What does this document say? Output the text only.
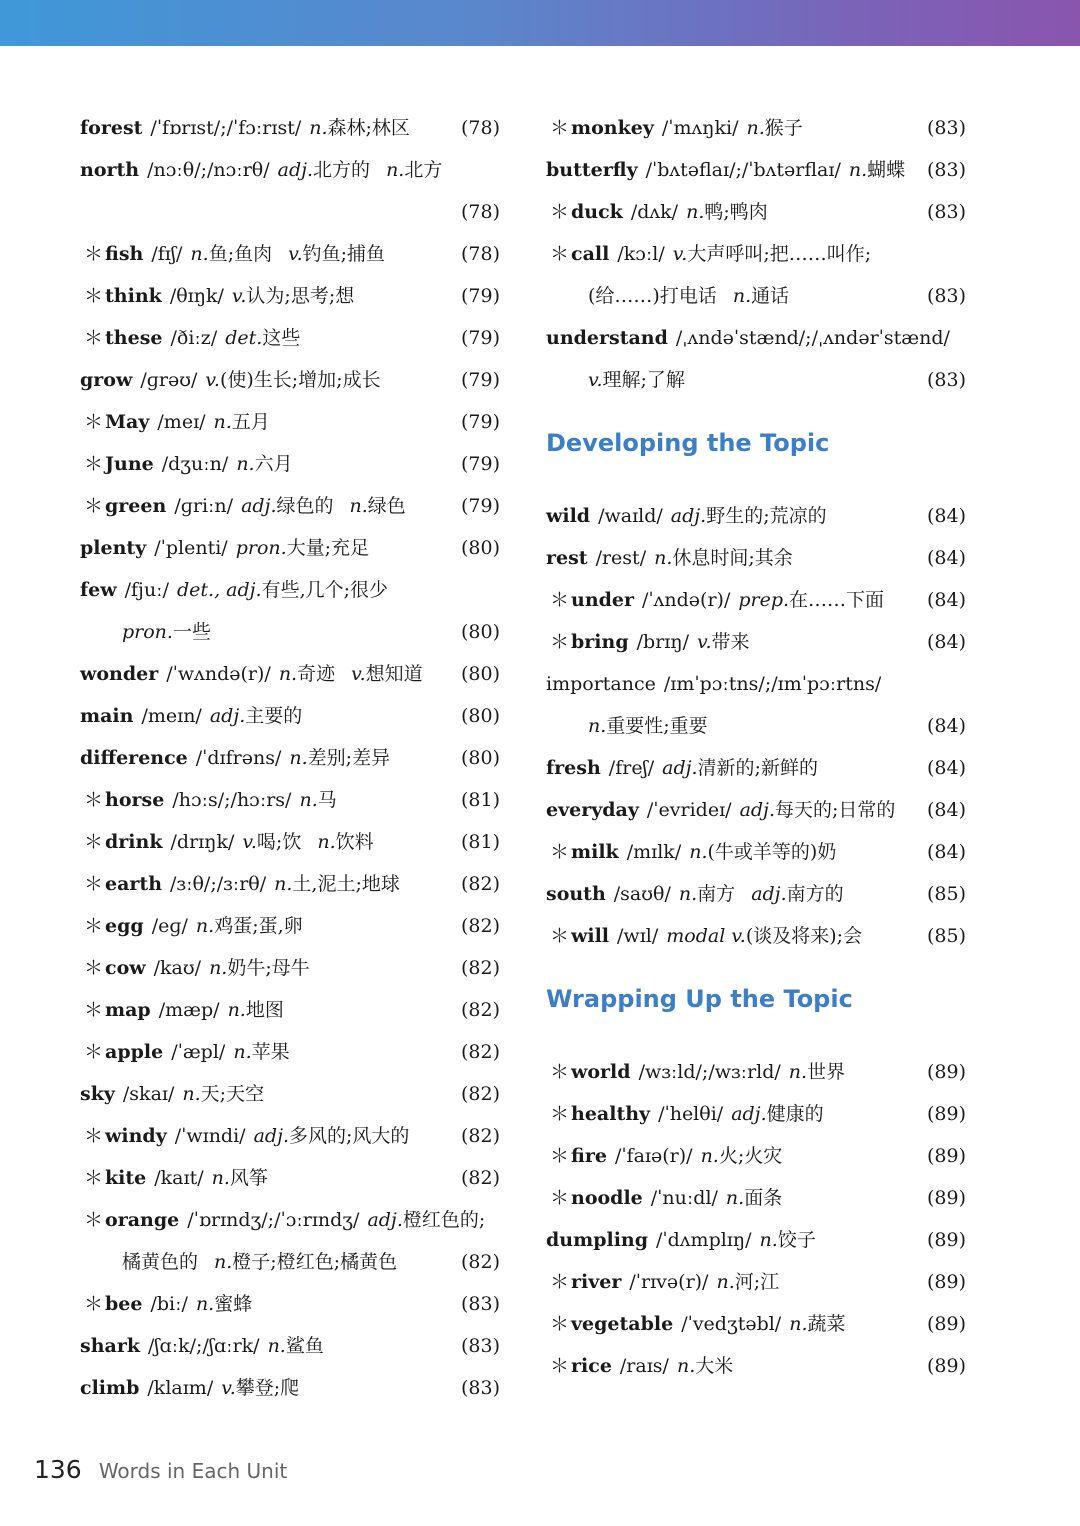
forest /ˈfɒrɪst/;/ˈfɔːrɪst/ n.森林;林区	(78)
north /nɔːθ/;/nɔːrθ/ adj.北方的 n.北方
(78)
＊ fish /fɪʃ/ n.鱼;鱼肉 v.钓鱼;捕鱼	(78)
＊ think /θɪŋk/ v.认为;思考;想	(79)
＊ these /ðiːz/ det.这些	(79)
grow /ɡrəʊ/ v.(使)生长;增加;成长	(79)
＊ May /meɪ/ n.五月	(79)
＊ June /dʒuːn/ n.六月	(79)
＊ green /ɡriːn/ adj.绿色的 n.绿色	(79)
plenty /ˈplenti/ pron.大量;充足	(80)
few /fjuː/ det., adj.有些,几个;很少
pron.一些	(80)
wonder /ˈwʌndə(r)/ n.奇迹 v.想知道 (80)
main /meɪn/ adj.主要的	(80)
difference /ˈdɪfrəns/ n.差别;差异	(80)
＊ horse /hɔːs/;/hɔːrs/ n.马	(81)
＊ drink /drɪŋk/ v.喝;饮 n.饮料	(81)
＊ earth /ɜːθ/;/ɜːrθ/ n.土,泥土;地球	(82)
＊ egg /eɡ/ n.鸡蛋;蛋,卵	(82)
＊ cow /kaʊ/ n.奶牛;母牛	(82)
＊ map /mæp/ n.地图	(82)
＊ apple /ˈæpl/ n.苹果	(82)
sky /skaɪ/ n.天;天空	(82)
＊ windy /ˈwɪndi/ adj.多风的;风大的	(82)
＊ kite /kaɪt/ n.风筝	(82)
＊ orange /ˈɒrɪndʒ/;/ˈɔːrɪndʒ/ adj.橙红色的;
橘黄色的 n.橙子;橙红色;橘黄色	(82)
＊ bee /biː/ n.蜜蜂	(83)
shark /ʃɑːk/;/ʃɑːrk/ n.鲨鱼	(83)
climb /klaɪm/ v.攀登;爬	(83)
＊ monkey /ˈmʌŋki/ n.猴子	(83)
butterfly /ˈbʌtəflaɪ/;/ˈbʌtərflaɪ/ n.蝴蝶 (83)
＊ duck /dʌk/ n.鸭;鸭肉	(83)
＊ call /kɔːl/ v.大声呼叫;把……叫作;
(给……)打电话 n.通话	(83)
understand /ˌʌndəˈstænd/;/ˌʌndərˈstænd/
v.理解;了解	(83)
Developing the Topic
wild /waɪld/ adj.野生的;荒凉的	(84)
rest /rest/ n.休息时间;其余	(84)
＊ under /ˈʌndə(r)/ prep.在……下面 (84)
＊ bring /brɪŋ/ v.带来	(84)
importance /ɪmˈpɔːtns/;/ɪmˈpɔːrtns/
n.重要性;重要	(84)
fresh /freʃ/ adj.清新的;新鲜的	(84)
everyday /ˈevrideɪ/ adj.每天的;日常的 (84)
＊ milk /mɪlk/ n.(牛或羊等的)奶	(84)
south /saʊθ/ n.南方 adj.南方的	(85)
＊ will /wɪl/ modal v.(谈及将来);会	(85)
Wrapping Up the Topic
＊ world /wɜːld/;/wɜːrld/ n.世界	(89)
＊ healthy /ˈhelθi/ adj.健康的	(89)
＊ fire /ˈfaɪə(r)/ n.火;火灾	(89)
＊ noodle /ˈnuːdl/ n.面条	(89)
dumpling /ˈdʌmplɪŋ/ n.饺子	(89)
＊ river /ˈrɪvə(r)/ n.河;江	(89)
＊ vegetable /ˈvedʒtəbl/ n.蔬菜	(89)
＊ rice /raɪs/ n.大米	(89)
136 Words in Each Unit
